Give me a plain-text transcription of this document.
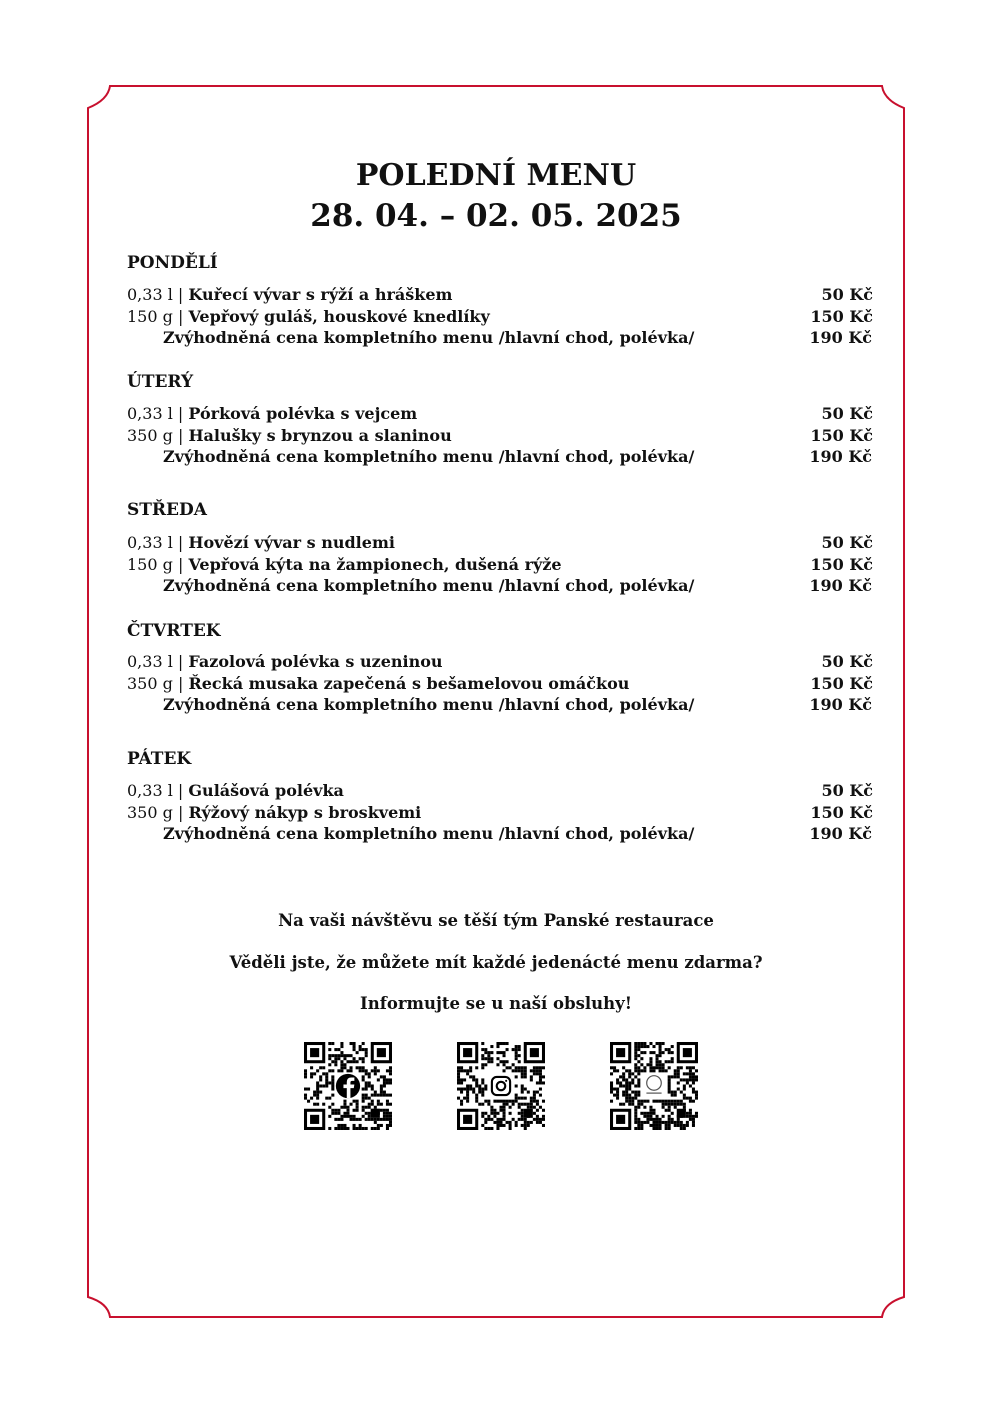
POLEDNÍ MENU
28. 04. – 02. 05. 2025
PONDĚLÍ
0,33 l | Kuřecí vývar s rýží a hráškem	50 Kč
150 g | Vepřový guláš, houskové knedlíky	150 Kč
Zvýhodněná cena kompletního menu /hlavní chod, polévka/	190 Kč
ÚTERÝ
0,33 l | Pórková polévka s vejcem	50 Kč
350 g | Halušky s brynzou a slaninou	150 Kč
Zvýhodněná cena kompletního menu /hlavní chod, polévka/	190 Kč
STŘEDA
0,33 l | Hovězí vývar s nudlemi	50 Kč
150 g | Vepřová kýta na žampionech, dušená rýže	150 Kč
Zvýhodněná cena kompletního menu /hlavní chod, polévka/	190 Kč
ČTVRTEK
0,33 l | Fazolová polévka s uzeninou	50 Kč
350 g | Řecká musaka zapečená s bešamelovou omáčkou	150 Kč
Zvýhodněná cena kompletního menu /hlavní chod, polévka/	190 Kč
PÁTEK
0,33 l | Gulášová polévka	50 Kč
350 g | Rýžový nákyp s broskvemi	150 Kč
Zvýhodněná cena kompletního menu /hlavní chod, polévka/	190 Kč
Na vaši návštěvu se těší tým Panské restaurace
Věděli jste, že můžete mít každé jedenácté menu zdarma?
Informujte se u naší obsluhy!
